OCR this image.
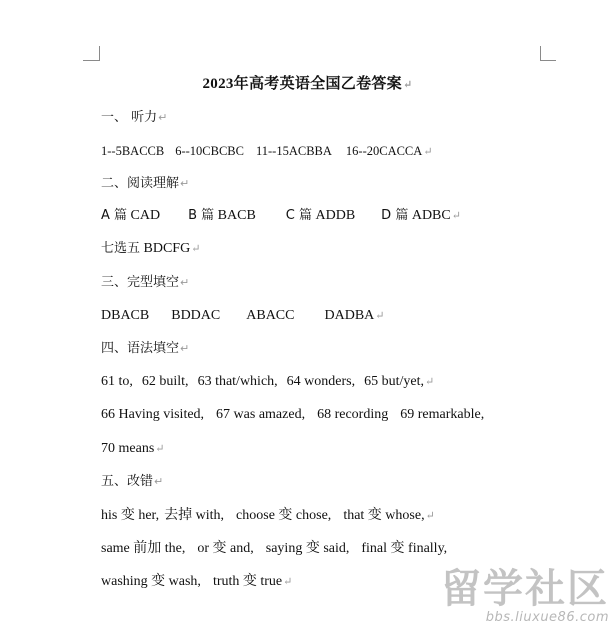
2023年高考英语全国乙卷答案↵
一、 听力↵
1--5BACCB 6--10CBCBC 11--15ACBBA 16--20CACCA↵
二、阅读理解↵
A 篇 CAD B 篇 BACB C 篇 ADDB D 篇 ADBC↵
七选五 BDCFG↵
三、完型填空↵
DBACB BDDAC ABACC DADBA↵
四、语法填空↵
61 to, 62 built, 63 that/which, 64 wonders, 65 but/yet,↵
66 Having visited, 67 was amazed, 68 recording 69 remarkable,
70 means↵
五、改错↵
his 变 her, 去掉 with, choose 变 chose, that 变 whose,↵
same 前加 the, or 变 and, saying 变 said, final 变 finally,
washing 变 wash, truth 变 true↵	留学社区
bbs.liuxue86.com
